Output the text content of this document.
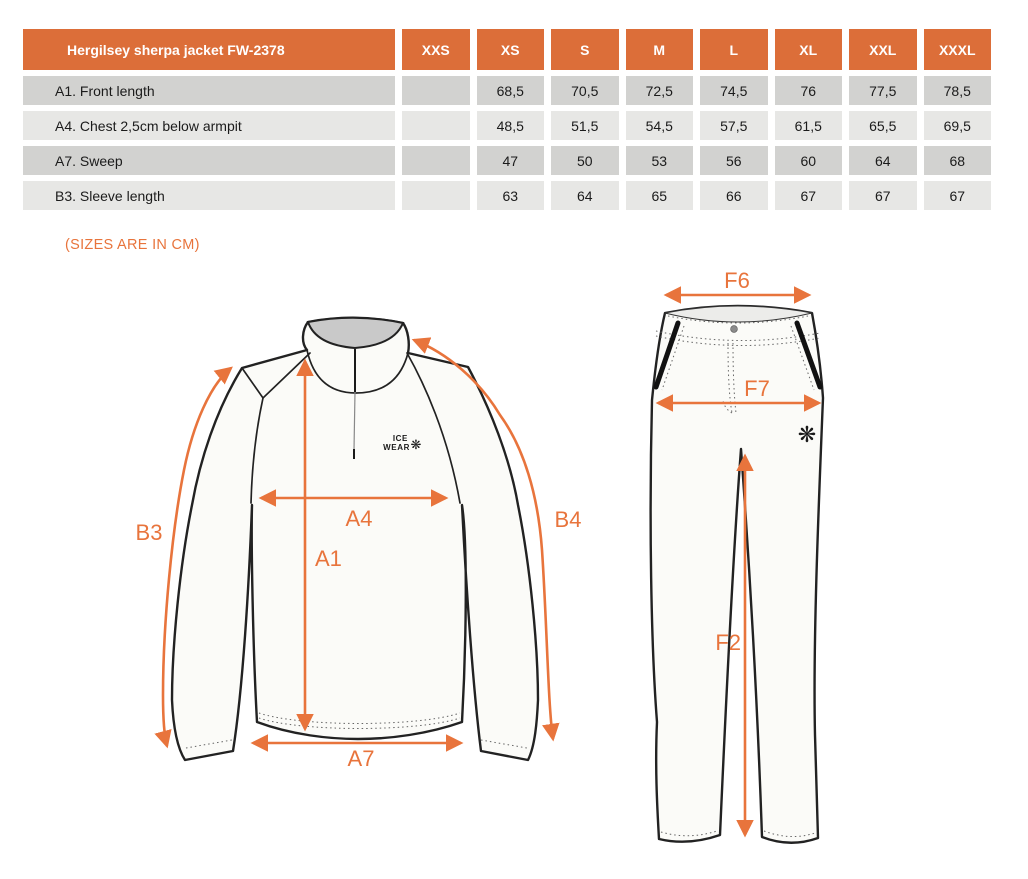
Hergilsey sherpa jacket FW-2378	XXS	XS	S	M	L	XL	XXL	XXXL
A1. Front length		68,5	70,5	72,5	74,5	76	77,5	78,5
A4. Chest 2,5cm below armpit		48,5	51,5	54,5	57,5	61,5	65,5	69,5
A7. Sweep		47	50	53	56	60	64	68
B3. Sleeve length		63	64	65	66	67	67	67
(SIZES ARE IN CM)
ICE
WEAR ❋
B3
A4
A1
B4
A7
❋
F6
F7
F2
